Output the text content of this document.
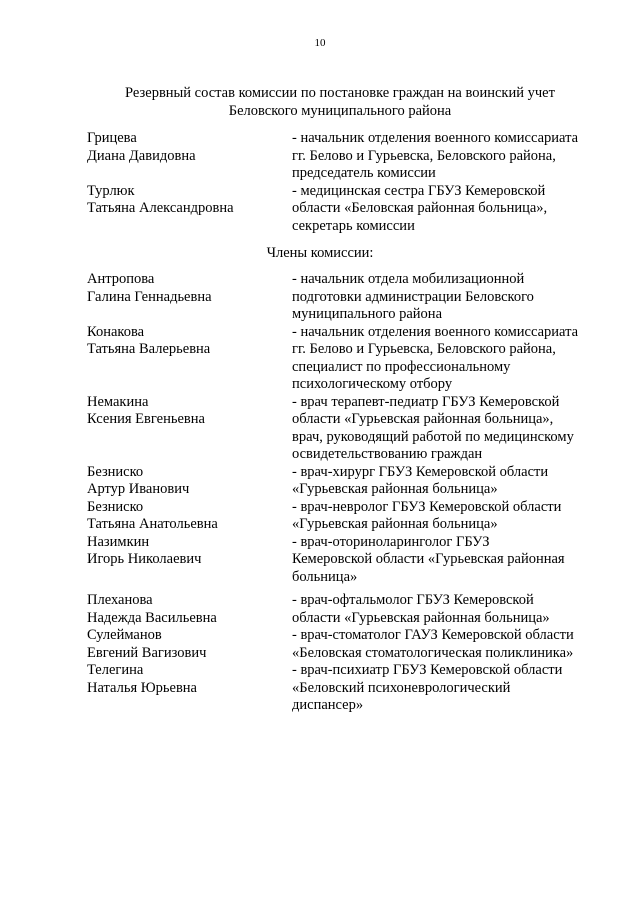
10
Резервный состав комиссии по постановке граждан на воинский учет
Беловского муниципального района
Грицева
Диана Давидовна
- начальник отделения военного комиссариата
гг. Белово и Гурьевска, Беловского района,
председатель комиссии
Турлюк
Татьяна Александровна
- медицинская сестра ГБУЗ Кемеровской
области «Беловская районная больница»,
секретарь комиссии
Члены комиссии:
Антропова
Галина Геннадьевна
- начальник отдела мобилизационной
подготовки администрации Беловского
муниципального района
Конакова
Татьяна Валерьевна
- начальник отделения военного комиссариата
гг. Белово и Гурьевска, Беловского района,
специалист по профессиональному
психологическому отбору
Немакина
Ксения Евгеньевна
- врач терапевт-педиатр ГБУЗ Кемеровской
области «Гурьевская районная больница»,
врач, руководящий работой по медицинскому
освидетельствованию граждан
Безниско
Артур Иванович
- врач-хирург ГБУЗ Кемеровской области
«Гурьевская районная больница»
Безниско
Татьяна Анатольевна
- врач-невролог ГБУЗ Кемеровской области
«Гурьевская районная больница»
Назимкин
Игорь Николаевич
- врач-оториноларинголог ГБУЗ
Кемеровской области «Гурьевская районная
больница»
Плеханова
Надежда Васильевна
- врач-офтальмолог ГБУЗ Кемеровской
области «Гурьевская районная больница»
Сулейманов
Евгений Вагизович
- врач-стоматолог ГАУЗ Кемеровской области
«Беловская стоматологическая поликлиника»
Телегина
Наталья Юрьевна
- врач-психиатр ГБУЗ Кемеровской области
«Беловский психоневрологический
диспансер»
